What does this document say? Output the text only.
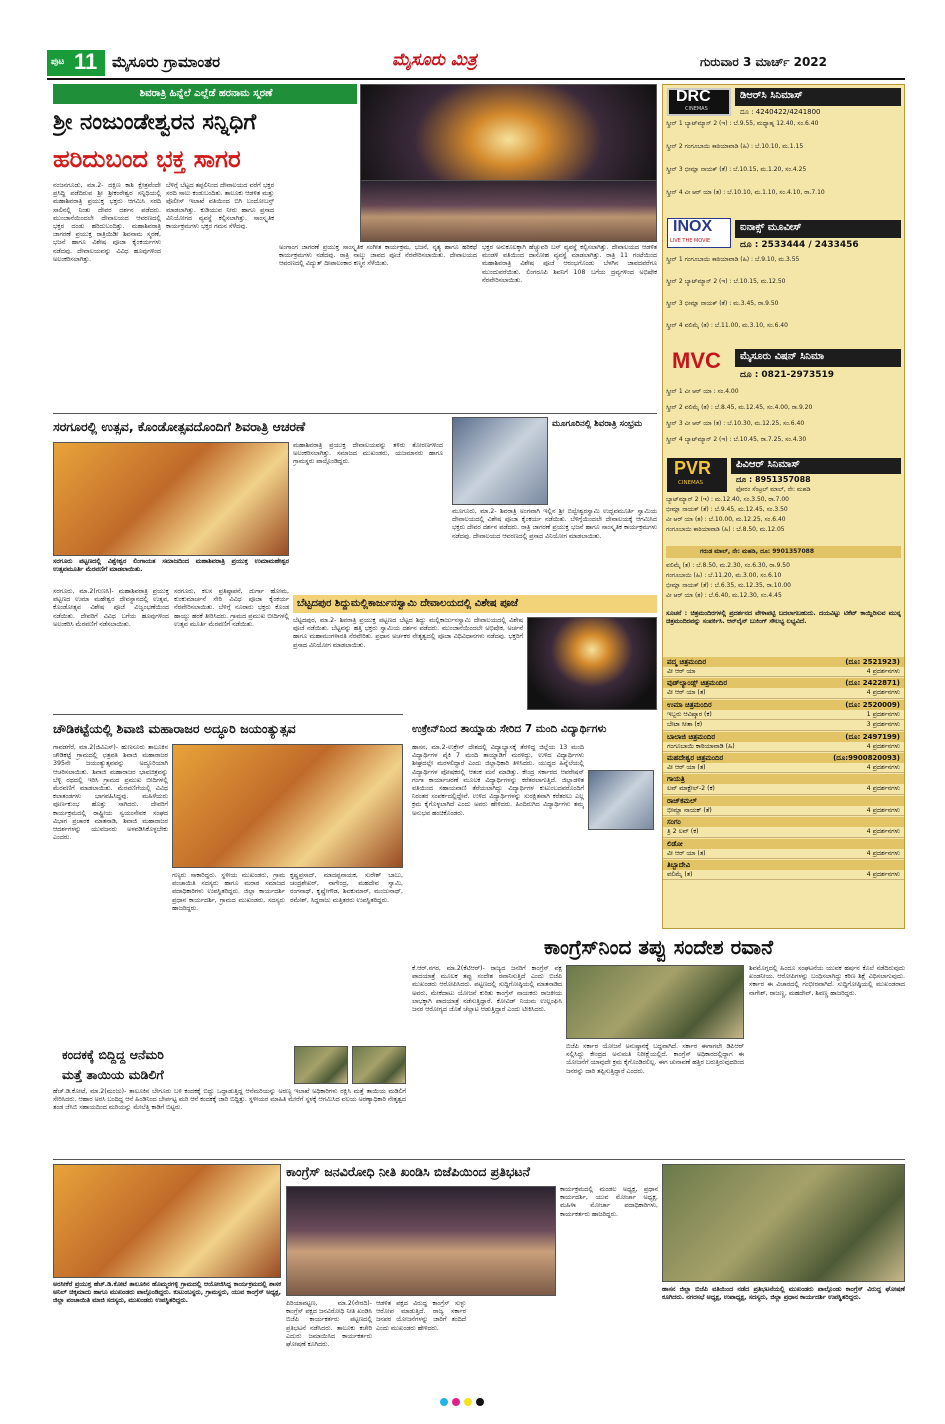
ಪುಟ 11 ಮೈಸೂರು ಗ್ರಾಮಾಂತರ	ಮೈಸೂರು ಮಿತ್ರ	ಗುರುವಾರ 3 ಮಾರ್ಚ್ 2022
ಶಿವರಾತ್ರಿ ಹಿನ್ನೆಲೆ ಎಲ್ಲೆಡೆ ಹರನಾಮ ಸ್ಮರಣೆ
ಶ್ರೀ ನಂಜುಂಡೇಶ್ವರನ ಸನ್ನಿಧಿಗೆ
ಹರಿದುಬಂದ ಭಕ್ತ ಸಾಗರ
ನಂಜನಗೂಡು, ಮಾ.2- ದಕ್ಷಿಣ ಕಾಶಿ ಕ್ಷೇತ್ರವೆಂದೇ ಪ್ರಸಿದ್ಧಿ ಪಡೆದಿರುವ ಶ್ರೀ ಶ್ರೀಕಂಠೇಶ್ವರ ಸನ್ನಿಧಿಯಲ್ಲಿ ಮಹಾಶಿವರಾತ್ರಿ ಪ್ರಯುಕ್ತ ಭಕ್ತರು ಆಗಮಿಸಿ ಸರದಿ ಸಾಲಿನಲ್ಲಿ ನಿಂತು ದೇವರ ದರ್ಶನ ಪಡೆದರು. ಮುಂಜಾನೆಯಿಂದಲೇ ದೇವಾಲಯದ ಆವರಣದಲ್ಲಿ ಭಕ್ತರ ದಂಡು ಹರಿದುಬಂದಿತ್ತು. ಮಹಾಶಿವರಾತ್ರಿ ಜಾಗರಣೆ ಪ್ರಯುಕ್ತ ರಾತ್ರಿಯಿಡೀ ಶಿವನಾಮ ಸ್ಮರಣೆ, ಭಜನೆ ಹಾಗೂ ವಿಶೇಷ ಪೂಜಾ ಕೈಂಕರ್ಯಗಳು ನಡೆದವು. ದೇವಾಲಯವನ್ನು ವಿವಿಧ ಹೂವುಗಳಿಂದ ಅಲಂಕರಿಸಲಾಗಿತ್ತು.
ಬೆಳಿಗ್ಗೆ ಬೆಟ್ಟದ ತಪ್ಪಲಿನಿಂದ ದೇವಾಲಯದ ವರೆಗೆ ಭಕ್ತರ ಸರದಿ ಸಾಲು ಕಂಡುಬಂದಿತು. ತಾಲೂಕು ಆಡಳಿತ ಮತ್ತು ಪೊಲೀಸ್ ಇಲಾಖೆ ವತಿಯಿಂದ ಬಿಗಿ ಬಂದೋಬಸ್ತ್ ಮಾಡಲಾಗಿತ್ತು. ಕುಡಿಯುವ ನೀರು ಹಾಗೂ ಪ್ರಸಾದ ವಿನಿಯೋಗದ ವ್ಯವಸ್ಥೆ ಕಲ್ಪಿಸಲಾಗಿತ್ತು. ಸಾಂಸ್ಕೃತಿಕ ಕಾರ್ಯಕ್ರಮಗಳು ಭಕ್ತರ ಗಮನ ಸೆಳೆದವು.
ಅಂಗಾಂಗ ಜಾಗರಣೆ ಪ್ರಯುಕ್ತ ಸಾಂಸ್ಕೃತಿಕ ಸಂಗೀತ ಕಾರ್ಯಕ್ರಮ, ಭಜನೆ, ನೃತ್ಯ ಹಾಗೂ ಹರಿಕಥೆ ಕಾರ್ಯಕ್ರಮಗಳು ನಡೆದವು. ರಾತ್ರಿ ನಾಲ್ಕು ಜಾವದ ಪೂಜೆ ನೆರವೇರಿಸಲಾಯಿತು. ದೇವಾಲಯದ ಆವರಣದಲ್ಲಿ ವಿದ್ಯುತ್ ದೀಪಾಲಂಕಾರ ಕಣ್ಮನ ಸೆಳೆಯಿತು.
ಭಕ್ತರ ಅನುಕೂಲಕ್ಕಾಗಿ ಹೆಚ್ಚುವರಿ ಬಸ್ ವ್ಯವಸ್ಥೆ ಕಲ್ಪಿಸಲಾಗಿತ್ತು. ದೇವಾಲಯದ ಆಡಳಿತ ಮಂಡಳಿ ವತಿಯಿಂದ ದಾಸೋಹ ವ್ಯವಸ್ಥೆ ಮಾಡಲಾಗಿತ್ತು. ರಾತ್ರಿ 11 ಗಂಟೆಯಿಂದ ಮಹಾಶಿವರಾತ್ರಿ ವಿಶೇಷ ಪೂಜೆ ಆರಂಭಗೊಂಡು ಬೆಳಗಿನ ಜಾವದವರೆಗೂ ಮುಂದುವರೆಯಿತು. ಲಿಂಗರೂಪಿ ಶಿವನಿಗೆ 108 ಬಗೆಯ ದ್ರವ್ಯಗಳಿಂದ ಅಭಿಷೇಕ ನೆರವೇರಿಸಲಾಯಿತು.
ಸರಗೂರಲ್ಲಿ ಉತ್ಸವ, ಕೊಂಡೋತ್ಸವದೊಂದಿಗೆ ಶಿವರಾತ್ರಿ ಆಚರಣೆ
ಸರಗೂರು ಪಟ್ಟಣದಲ್ಲಿ ವಿಶ್ವೇಶ್ವರ ಲಿಂಗಾಯತ ಸಮಾಜದಿಂದ ಮಹಾಶಿವರಾತ್ರಿ ಪ್ರಯುಕ್ತ ಉಮಾಮಹೇಶ್ವರ ಉತ್ಸವಮೂರ್ತಿ ಮೆರವಣಿಗೆ ಮಾಡಲಾಯಿತು.
ಸರಗೂರು, ಮಾ.2(ಗುಣಸಿ)- ಮಹಾಶಿವರಾತ್ರಿ ಪ್ರಯುಕ್ತ ಪಟ್ಟಣದ ಉಮಾ ಮಹೇಶ್ವರ ದೇವಸ್ಥಾನದಲ್ಲಿ ಉತ್ಸವ, ಕೊಂಡೋತ್ಸವ ವಿಶೇಷ ಪೂಜೆ ವಿಜೃಂಭಣೆಯಿಂದ ನಡೆಯಿತು. ದೇವರಿಗೆ ವಿವಿಧ ಬಗೆಯ ಹೂವುಗಳಿಂದ ಅಲಂಕರಿಸಿ ಮೆರವಣಿಗೆ ನಡೆಸಲಾಯಿತು.
ಸರಗೂರು, ಕಲಸ ಪ್ರತಿಷ್ಠಾಪನೆ, ದುರ್ಗಾ ಹೋಮ, ಕುಂಕುಮಾರ್ಚನೆ ಸೇರಿ ವಿವಿಧ ಪೂಜಾ ಕೈಂಕರ್ಯ ನೆರವೇರಿಸಲಾಯಿತು. ಬೆಳಿಗ್ಗೆ ನೂರಾರು ಭಕ್ತರು ಕೊಂಡ ಹಾಯ್ದು ಹರಕೆ ತೀರಿಸಿದರು. ಗ್ರಾಮದ ಪ್ರಮುಖ ಬೀದಿಗಳಲ್ಲಿ ಉತ್ಸವ ಮೂರ್ತಿ ಮೆರವಣಿಗೆ ನಡೆಯಿತು.
ಮಹಾಶಿವರಾತ್ರಿ ಪ್ರಯುಕ್ತ ದೇವಾಲಯವನ್ನು ತಳಿರು ತೋರಣಗಳಿಂದ ಅಲಂಕರಿಸಲಾಗಿತ್ತು. ಸಮಾಜದ ಮುಖಂಡರು, ಯಜಮಾನರು ಹಾಗೂ ಗ್ರಾಮಸ್ಥರು ಪಾಲ್ಗೊಂಡಿದ್ದರು.
ಮೂಗೂರಿನಲ್ಲಿ ಶಿವರಾತ್ರಿ ಸಂಭ್ರಮ
ಮೂಗೂರು, ಮಾ.2- ಶಿವರಾತ್ರಿ ಅಂಗವಾಗಿ ಇಲ್ಲಿನ ಶ್ರೀ ಬಿಲ್ವೇಶ್ವರಸ್ವಾಮಿ ಉದ್ಭವಮೂರ್ತಿ ಸ್ವಾಮಿಯ ದೇವಾಲಯದಲ್ಲಿ ವಿಶೇಷ ಪೂಜಾ ಕೈಂಕರ್ಯ ನಡೆಯಿತು. ಬೆಳಿಗ್ಗೆಯಿಂದಲೇ ದೇವಾಲಯಕ್ಕೆ ಆಗಮಿಸಿದ ಭಕ್ತರು ದೇವರ ದರ್ಶನ ಪಡೆದರು. ರಾತ್ರಿ ಜಾಗರಣೆ ಪ್ರಯುಕ್ತ ಭಜನೆ ಹಾಗೂ ಸಾಂಸ್ಕೃತಿಕ ಕಾರ್ಯಕ್ರಮಗಳು ನಡೆದವು. ದೇವಾಲಯದ ಆವರಣದಲ್ಲಿ ಪ್ರಸಾದ ವಿನಿಯೋಗ ಮಾಡಲಾಯಿತು.
ಬೆಟ್ಟದಪುರ ಶಿದ್ದುಮಲ್ಲಿಕಾರ್ಜುನಸ್ವಾಮಿ ದೇವಾಲಯದಲ್ಲಿ ವಿಶೇಷ ಪೂಜೆ
ಬೆಟ್ಟದಪುರ, ಮಾ.2- ಶಿವರಾತ್ರಿ ಪ್ರಯುಕ್ತ ಪಟ್ಟಣದ ಬೆಟ್ಟದ ಶಿದ್ದು ಮಲ್ಲಿಕಾರ್ಜುನಸ್ವಾಮಿ ದೇವಾಲಯದಲ್ಲಿ ವಿಶೇಷ ಪೂಜೆ ನಡೆಯಿತು. ಬೆಟ್ಟವನ್ನು ಹತ್ತಿ ಭಕ್ತರು ಸ್ವಾಮಿಯ ದರ್ಶನ ಪಡೆದರು. ಮುಂಜಾನೆಯಿಂದಲೇ ಅಭಿಷೇಕ, ಅರ್ಚನೆ ಹಾಗೂ ಮಹಾಮಂಗಳಾರತಿ ನೆರವೇರಿತು. ಪ್ರಧಾನ ಅರ್ಚಕರ ನೇತೃತ್ವದಲ್ಲಿ ಪೂಜಾ ವಿಧಿವಿಧಾನಗಳು ನಡೆದವು. ಭಕ್ತರಿಗೆ ಪ್ರಸಾದ ವಿನಿಯೋಗ ಮಾಡಲಾಯಿತು.
ಚೌಡಿಕಟ್ಟೆಯಲ್ಲಿ ಶಿವಾಜಿ ಮಹಾರಾಜರ ಅದ್ಧೂರಿ ಜಯಂತ್ಯುತ್ಸವ
ಗಾವಡಗೆರೆ, ಮಾ.2(ಜಿವಿಎಸ್)- ಹುಣಸೂರು ತಾಲೂಕಿನ ಚೌಡಿಕಟ್ಟೆ ಗ್ರಾಮದಲ್ಲಿ ಛತ್ರಪತಿ ಶಿವಾಜಿ ಮಹಾರಾಜರ 395ನೇ ಜಯಂತ್ಯುತ್ಸವವನ್ನು ಅದ್ಧೂರಿಯಾಗಿ ಆಚರಿಸಲಾಯಿತು. ಶಿವಾಜಿ ಮಹಾರಾಜರ ಭಾವಚಿತ್ರವನ್ನು ಬೆಳ್ಳಿ ರಥದಲ್ಲಿ ಇರಿಸಿ ಗ್ರಾಮದ ಪ್ರಮುಖ ಬೀದಿಗಳಲ್ಲಿ ಮೆರವಣಿಗೆ ಮಾಡಲಾಯಿತು. ಮೆರವಣಿಗೆಯಲ್ಲಿ ವಿವಿಧ ಕಲಾತಂಡಗಳು ಭಾಗವಹಿಸಿದ್ದವು. ಮಹಿಳೆಯರು ಪೂರ್ಣಕುಂಭ ಹೊತ್ತು ಸಾಗಿದರು. ದೇವರಿಗೆ ಕಾರ್ಯಕ್ರಮದಲ್ಲಿ ರಾಷ್ಟ್ರೀಯ ಸ್ವಯಂಸೇವಕ ಸಂಘದ ವಿಭಾಗ ಪ್ರಚಾರಕ ಮಾತನಾಡಿ, ಶಿವಾಜಿ ಮಹಾರಾಜರ ಆದರ್ಶಗಳನ್ನು ಯುವಜನರು ಅಳವಡಿಸಿಕೊಳ್ಳಬೇಕು ಎಂದರು.
ಗಣ್ಯರು ಸಾಕಾರಿದ್ದರು. ಸ್ಥಳೀಯ ಮುಖಂಡರು, ಗ್ರಾಮ ಪಂಚಾಯಿತಿ ಸದಸ್ಯರು ಹಾಗೂ ಮರಾಠ ಸಮಾಜದ ಪದಾಧಿಕಾರಿಗಳು ಉಪಸ್ಥಿತರಿದ್ದರು. ಜಿಲ್ಲಾ ಕಾರ್ಯದರ್ಶಿ ಪ್ರಧಾನ ಕಾರ್ಯದರ್ಶಿ, ಗ್ರಾಮದ ಮುಖಂಡರು, ಸದಸ್ಯರು ಹಾಜರಿದ್ದರು.
ಕೃಷ್ಣಪ್ರಸಾದ್, ಮಾದಪ್ಪನಾಯಕ, ಸುರೇಶ್ ಬಾಬು, ಚಂದ್ರಶೇಖರ್, ನಾಗೇಂದ್ರ, ಮಹದೇವ ಸ್ವಾಮಿ, ರಂಗನಾಥ್, ಕೃಷ್ಣೇಗೌಡ, ಶಿವಕುಮಾರ್, ಮಂಜುನಾಥ್, ರಮೇಶ್, ಸಿದ್ದರಾಜು ಮತ್ತಿತರರು ಉಪಸ್ಥಿತರಿದ್ದರು.
ಉಕ್ರೇನ್‌ನಿಂದ ತಾಯ್ನಾಡು ಸೇರಿದ 7 ಮಂದಿ ವಿದ್ಯಾರ್ಥಿಗಳು
ಹಾಸನ, ಮಾ.2-ಉಕ್ರೇನ್ ದೇಶದಲ್ಲಿ ವಿದ್ಯಾಭ್ಯಾಸಕ್ಕೆ ತೆರಳಿದ್ದ ಜಿಲ್ಲೆಯ 13 ಮಂದಿ ವಿದ್ಯಾರ್ಥಿಗಳ ಪೈಕಿ 7 ಮಂದಿ ತಾಯ್ನಾಡಿಗೆ ಮರಳಿದ್ದು, ಉಳಿದ ವಿದ್ಯಾರ್ಥಿಗಳು ಶೀಘ್ರದಲ್ಲೇ ಮರಳಲಿದ್ದಾರೆ ಎಂದು ಜಿಲ್ಲಾಧಿಕಾರಿ ತಿಳಿಸಿದರು. ಯುದ್ಧದ ಹಿನ್ನೆಲೆಯಲ್ಲಿ ವಿದ್ಯಾರ್ಥಿಗಳ ಪೋಷಕರಲ್ಲಿ ಆತಂಕ ಮನೆ ಮಾಡಿತ್ತು. ಕೇಂದ್ರ ಸರ್ಕಾರದ ಆಪರೇಷನ್ ಗಂಗಾ ಕಾರ್ಯಾಚರಣೆ ಮೂಲಕ ವಿದ್ಯಾರ್ಥಿಗಳನ್ನು ಕರೆತರಲಾಗುತ್ತಿದೆ. ಜಿಲ್ಲಾಡಳಿತ ವತಿಯಿಂದ ಸಹಾಯವಾಣಿ ತೆರೆಯಲಾಗಿದ್ದು ವಿದ್ಯಾರ್ಥಿಗಳ ಕುಟುಂಬದವರೊಂದಿಗೆ ನಿರಂತರ ಸಂಪರ್ಕದಲ್ಲಿದ್ದೇವೆ. ಉಳಿದ ವಿದ್ಯಾರ್ಥಿಗಳನ್ನು ಸುರಕ್ಷಿತವಾಗಿ ಕರೆತರಲು ಎಲ್ಲ ಕ್ರಮ ಕೈಗೊಳ್ಳಲಾಗಿದೆ ಎಂದು ಅವರು ಹೇಳಿದರು. ಹಿಂದಿರುಗಿದ ವಿದ್ಯಾರ್ಥಿಗಳು ತಮ್ಮ ಅನುಭವ ಹಂಚಿಕೊಂಡರು.
ಕಾಂಗ್ರೆಸ್‌ನಿಂದ ತಪ್ಪು ಸಂದೇಶ ರವಾನೆ
ಕೆ.ಆರ್.ನಗರ, ಮಾ.2(ಕೆಟಿಆರ್)- ರಾಜ್ಯದ ಜನರಿಗೆ ಕಾಂಗ್ರೆಸ್ ಪಕ್ಷ ಪಾದಯಾತ್ರೆ ಮೂಲಕ ತಪ್ಪು ಸಂದೇಶ ರವಾನಿಸುತ್ತಿದೆ ಎಂದು ಬಿಜೆಪಿ ಮುಖಂಡರು ಆರೋಪಿಸಿದರು. ಪಟ್ಟಣದಲ್ಲಿ ಸುದ್ದಿಗೋಷ್ಠಿಯಲ್ಲಿ ಮಾತನಾಡಿದ ಅವರು, ಮೇಕೆದಾಟು ಯೋಜನೆ ಕುರಿತು ಕಾಂಗ್ರೆಸ್ ನಾಯಕರು ರಾಜಕೀಯ ಲಾಭಕ್ಕಾಗಿ ಪಾದಯಾತ್ರೆ ನಡೆಸುತ್ತಿದ್ದಾರೆ. ಕೋವಿಡ್ ನಿಯಮ ಉಲ್ಲಂಘಿಸಿ ಜನರ ಆರೋಗ್ಯದ ಜೊತೆ ಚೆಲ್ಲಾಟ ಆಡುತ್ತಿದ್ದಾರೆ ಎಂದು ಟೀಕಿಸಿದರು.
ಬಿಜೆಪಿ ಸರ್ಕಾರ ಯೋಜನೆ ಅನುಷ್ಠಾನಕ್ಕೆ ಬದ್ಧವಾಗಿದೆ. ಸರ್ಕಾರ ಈಗಾಗಲೇ ಡಿಪಿಆರ್ ಸಲ್ಲಿಸಿದ್ದು ಕೇಂದ್ರದ ಅನುಮತಿ ನಿರೀಕ್ಷೆಯಲ್ಲಿದೆ. ಕಾಂಗ್ರೆಸ್ ಅಧಿಕಾರದಲ್ಲಿದ್ದಾಗ ಈ ಯೋಜನೆಗೆ ಯಾವುದೇ ಕ್ರಮ ಕೈಗೊಂಡಿರಲಿಲ್ಲ. ಈಗ ಚುನಾವಣೆ ಹತ್ತಿರ ಬರುತ್ತಿರುವುದರಿಂದ ಜನರನ್ನು ದಾರಿ ತಪ್ಪಿಸುತ್ತಿದ್ದಾರೆ ಎಂದರು.
ಶಿವಮೊಗ್ಗದಲ್ಲಿ ಹಿಂದೂ ಸಂಘಟನೆಯ ಯುವಕ ಹರ್ಷನ ಕೊಲೆ ನಡೆದಿರುವುದು ಖಂಡನೀಯ. ಆರೋಪಿಗಳನ್ನು ಬಂಧಿಸಲಾಗಿದ್ದು ಕಠಿಣ ಶಿಕ್ಷೆ ವಿಧಿಸಲಾಗುವುದು. ಸರ್ಕಾರ ಈ ವಿಚಾರದಲ್ಲಿ ಗಂಭೀರವಾಗಿದೆ. ಸುದ್ದಿಗೋಷ್ಠಿಯಲ್ಲಿ ಮುಖಂಡರಾದ ನಾಗೇಶ್, ರಾಜಣ್ಣ, ಮಹದೇವ್, ಶಿವಣ್ಣ ಹಾಜರಿದ್ದರು.
ಕಂದಕಕ್ಕೆ ಬಿದ್ದಿದ್ದ ಆನೆಮರಿ
ಮತ್ತೆ ತಾಯಿಯ ಮಡಿಲಿಗೆ
ಹೆಚ್.ಡಿ.ಕೋಟೆ, ಮಾ.2(ಮಂಜು)- ತಾಲೂಕಿನ ಬೇಗೂರು ಬಳಿ ಕಂದಕಕ್ಕೆ ಬಿದ್ದು ಒದ್ದಾಡುತ್ತಿದ್ದ ಆನೆಮರಿಯನ್ನು ಅರಣ್ಯ ಇಲಾಖೆ ಅಧಿಕಾರಿಗಳು ರಕ್ಷಿಸಿ ಮತ್ತೆ ತಾಯಿಯ ಮಡಿಲಿಗೆ ಸೇರಿಸಿದರು. ಆಹಾರ ಅರಸಿ ಬಂದಿದ್ದ ಆನೆ ಹಿಂಡಿನಿಂದ ಬೇರ್ಪಟ್ಟ ಮರಿ ಆನೆ ಕಂದಕಕ್ಕೆ ಜಾರಿ ಬಿದ್ದಿತ್ತು. ಸ್ಥಳೀಯರ ಮಾಹಿತಿ ಮೇರೆಗೆ ಸ್ಥಳಕ್ಕೆ ಆಗಮಿಸಿದ ವಲಯ ಅರಣ್ಯಾಧಿಕಾರಿ ನೇತೃತ್ವದ ತಂಡ ಜೆಸಿಬಿ ಸಹಾಯದಿಂದ ಮರಿಯನ್ನು ಮೇಲೆತ್ತಿ ಕಾಡಿಗೆ ಬಿಟ್ಟರು.
ಅರಸೀಕೆರೆ ಪ್ರಯುಕ್ತ ಹೆಚ್.ಡಿ.ಕೋಟೆ ತಾಲೂಕಿನ ಹೊಮ್ಮರಗಳ್ಳಿ ಗ್ರಾಮದಲ್ಲಿ ಆಯೋಜಿಸಿದ್ದ ಕಾರ್ಯಕ್ರಮದಲ್ಲಿ ಶಾಸಕ ಅನಿಲ್ ಚಿಕ್ಕಮಾದು ಹಾಗೂ ಮುಖಂಡರು ಪಾಲ್ಗೊಂಡಿದ್ದರು. ಕುಟುಂಬಸ್ಥರು, ಗ್ರಾಮಸ್ಥರು, ಯುವ ಕಾಂಗ್ರೆಸ್ ಅಧ್ಯಕ್ಷ, ಜಿಲ್ಲಾ ಪಂಚಾಯಿತಿ ಮಾಜಿ ಸದಸ್ಯರು, ಮುಖಂಡರು ಉಪಸ್ಥಿತರಿದ್ದರು.
ಕಾಂಗ್ರೆಸ್ ಜನವಿರೋಧಿ ನೀತಿ ಖಂಡಿಸಿ ಬಿಜೆಪಿಯಿಂದ ಪ್ರತಿಭಟನೆ
ಪಿರಿಯಾಪಟ್ಟಣ, ಮಾ.2(ನೇರದಿ)- ಕಾಂಗ್ರೆಸ್ ಪಕ್ಷದ ಜನವಿರೋಧಿ ನೀತಿ ಖಂಡಿಸಿ ಬಿಜೆಪಿ ಕಾರ್ಯಕರ್ತರು ಪಟ್ಟಣದಲ್ಲಿ ಪ್ರತಿಭಟನೆ ನಡೆಸಿದರು. ತಾಲೂಕು ಕಚೇರಿ ಎದುರು ಜಮಾಯಿಸಿದ ಕಾರ್ಯಕರ್ತರು ಘೋಷಣೆ ಕೂಗಿದರು.
ಆಡಳಿತ ಪಕ್ಷದ ವಿರುದ್ಧ ಕಾಂಗ್ರೆಸ್ ಸುಳ್ಳು ಆರೋಪ ಮಾಡುತ್ತಿದೆ. ರಾಜ್ಯ ಸರ್ಕಾರ ಜನಪರ ಯೋಜನೆಗಳನ್ನು ಜಾರಿಗೆ ತಂದಿದೆ ಎಂದು ಮುಖಂಡರು ಹೇಳಿದರು.
ಕಾರ್ಯಕ್ರಮದಲ್ಲಿ ಮಂಡಲ ಅಧ್ಯಕ್ಷ, ಪ್ರಧಾನ ಕಾರ್ಯದರ್ಶಿ, ಯುವ ಮೋರ್ಚಾ ಅಧ್ಯಕ್ಷ, ಮಹಿಳಾ ಮೋರ್ಚಾ ಪದಾಧಿಕಾರಿಗಳು, ಕಾರ್ಯಕರ್ತರು ಹಾಜರಿದ್ದರು.
ಹಾಸನ ಜಿಲ್ಲಾ ಬಿಜೆಪಿ ವತಿಯಿಂದ ನಡೆದ ಪ್ರತಿಭಟನೆಯಲ್ಲಿ ಮುಖಂಡರು ಪಾಲ್ಗೊಂಡು ಕಾಂಗ್ರೆಸ್ ವಿರುದ್ಧ ಘೋಷಣೆ ಕೂಗಿದರು. ನಗರಸಭೆ ಅಧ್ಯಕ್ಷ, ಉಪಾಧ್ಯಕ್ಷ, ಸದಸ್ಯರು, ಜಿಲ್ಲಾ ಪ್ರಧಾನ ಕಾರ್ಯದರ್ಶಿ ಉಪಸ್ಥಿತರಿದ್ದರು.
DRC
CINEMAS
ಡಿಆರ್‌ಸಿ ಸಿನಿಮಾಸ್
ದೂ : 4240422/4241800
ಸ್ಕ್ರೀನ್ 1 ಬ್ಯಾಟ್‌ಮ್ಯಾನ್ 2 (ಇ) : ಬೆ.9.55, ಮಧ್ಯಾಹ್ನ 12.40, ಸಂ.6.40
ಸ್ಕ್ರೀನ್ 2 ಗಂಗೂಬಾಯಿ ಕಾಠಿಯಾವಾಡಿ (ಹಿ) : ಬೆ.10.10, ಮ.1.15
ಸ್ಕ್ರೀನ್ 3 ಭೀಮ್ಲಾ ನಾಯಕ್ (ತೆ) : ಬೆ.10.15, ಮ.1.20, ಸಂ.4.25
ಸ್ಕ್ರೀನ್ 4 ವೀ ಆರ್ ಯಾ (ತ) : ಬೆ.10.10, ಮ.1.10, ಸಂ.4.10, ರಾ.7.10
INOX
LIVE THE MOVIE
ಐನಾಕ್ಸ್ ಮೂವೀಸ್
ದೂ : 2533444 / 2433456
ಸ್ಕ್ರೀನ್ 1 ಗಂಗೂಬಾಯಿ ಕಾಠಿಯಾವಾಡಿ (ಹಿ) : ಬೆ.9.10, ಮ.3.55
ಸ್ಕ್ರೀನ್ 2 ಬ್ಯಾಟ್‌ಮ್ಯಾನ್ 2 (ಇ) : ಬೆ.10.15, ಮ.12.50
ಸ್ಕ್ರೀನ್ 3 ಭೀಮ್ಲಾ ನಾಯಕ್ (ತೆ) : ಮ.3.45, ರಾ.9.50
ಸ್ಕ್ರೀನ್ 4 ವಲಿಮೈ (ತ) : ಬೆ.11.00, ಮ.3.10, ಸಂ.6.40
MVC ಮೈಸೂರು ವಿಷನ್ ಸಿನಿಮಾ
ದೂ : 0821-2973519
ಸ್ಕ್ರೀನ್ 1 ವೀ ಆರ್ ಯಾ : ಸಂ.4.00
ಸ್ಕ್ರೀನ್ 2 ವಲಿಮೈ (ತ) : ಬೆ.8.45, ಮ.12.45, ಸಂ.4.00, ರಾ.9.20
ಸ್ಕ್ರೀನ್ 3 ವೀ ಆರ್ ಯಾ (ತ) : ಬೆ.10.30, ಮ.12.25, ಸಂ.6.40
ಸ್ಕ್ರೀನ್ 4 ಬ್ಯಾಟ್‌ಮ್ಯಾನ್ 2 (ಇ) : ಬೆ.10.45, ರಾ.7.25, ಸಂ.4.30
PVR
CINEMAS
ಪಿವಿಆರ್ ಸಿನಿಮಾಸ್
ದೂ : 8951357088
ಫೋರಂ ಸೆಂಟ್ರಲ್ ಮಾಲ್, ನೇ: ಮಹಡಿ
ಬ್ಯಾಟ್‌ಮ್ಯಾನ್ 2 (ಇ) : ಮ.12.40, ಸಂ.3.50, ರಾ.7.00
ಭೀಮ್ಲಾ ನಾಯಕ್ (ತೆ) : ಬೆ.9.45, ಮ.12.45, ಸಂ.3.50
ವೀ ಆರ್ ಯಾ (ತ) : ಬೆ.10.00, ಮ.12.25, ಸಂ.6.40
ಗಂಗೂಬಾಯಿ ಕಾಠಿಯಾವಾಡಿ (ಹಿ) : ಬೆ.8.50, ಮ.12.05
ಗರುಡ ಮಾಲ್, ನೇ: ಮಹಡಿ, ದೂ: 9901357088
ವಲಿಮೈ (ತ) : ಬೆ.8.50, ಮ.2.30, ಸಂ.6.30, ರಾ.9.50
ಗಂಗೂಬಾಯಿ (ಹಿ) : ಬೆ.11.20, ಮ.3.00, ಸಂ.6.10
ಭೀಮ್ಲಾ ನಾಯಕ್ (ತೆ) : ಬೆ.6.35, ಮ.12.35, ರಾ.10.00
ವೀ ಆರ್ ಯಾ (ತ) : ಬೆ.6.40, ಮ.12.30, ಸಂ.4.45
ಸೂಚನೆ : ಚಿತ್ರಮಂದಿರಗಳಲ್ಲಿ ಪ್ರದರ್ಶನದ ವೇಳಾಪಟ್ಟಿ ಬದಲಾಗಬಹುದು. ದಯವಿಟ್ಟು ಟಿಕೆಟ್ ಕಾಯ್ದಿರಿಸುವ ಮುನ್ನ ಚಿತ್ರಮಂದಿರವನ್ನು ಸಂಪರ್ಕಿಸಿ. ಆನ್‌ಲೈನ್ ಬುಕಿಂಗ್ ಸೌಲಭ್ಯ ಲಭ್ಯವಿದೆ.
ಪದ್ಮ ಚಿತ್ರಮಂದಿರ	(ದೂ: 2521923)
ವೀ ಆರ್ ಯಾ	4 ಪ್ರದರ್ಶನಗಳು
ವುಡ್‌ಲ್ಯಾಂಡ್ಸ್ ಚಿತ್ರಮಂದಿರ	(ದೂ: 2422871)
ವೀ ಆರ್ ಯಾ (ತ)	4 ಪ್ರದರ್ಶನಗಳು
ಉಮಾ ಚಿತ್ರಮಂದಿರ	(ದೂ: 2520009)
ಇಬ್ಬರು ಆವಿಷ್ಕಾರ (ಕ)	1 ಪ್ರದರ್ಶನಗಳು
ಬೇಟಾ ಸೀತಾ (ಕ)	3 ಪ್ರದರ್ಶನಗಳು
ಬಾಲಾಜಿ ಚಿತ್ರಮಂದಿರ	(ದೂ: 2497199)
ಗಂಗೂಬಾಯಿ ಕಾಠಿಯಾವಾಡಿ (ಹಿ)	4 ಪ್ರದರ್ಶನಗಳು
ಮಹದೇಶ್ವರ ಚಿತ್ರಮಂದಿರ	(ದೂ:9900820093)
ವೀ ಆರ್ ಯಾ (ತ)	4 ಪ್ರದರ್ಶನಗಳು
ಗಾಯತ್ರಿ
ಲವ್ ಮಾಕ್ಟೇಲ್-2 (ಕ)	4 ಪ್ರದರ್ಶನಗಳು
ರಾಜ್‌ಕಮಲ್
ಭೀಮ್ಲಾ ನಾಯಕ್ (ತೆ)	4 ಪ್ರದರ್ಶನಗಳು
ಸಂಗಂ
ತ್ರಿ 2 ಲವ್ (ಕ)	4 ಪ್ರದರ್ಶನಗಳು
ಲಿಡೋ
ವೀ ಆರ್ ಯಾ (ತ)	4 ಪ್ರದರ್ಶನಗಳು
ತಿಬ್ಬಾದೇವಿ
ವಲಿಮೈ (ತ)	4 ಪ್ರದರ್ಶನಗಳು
